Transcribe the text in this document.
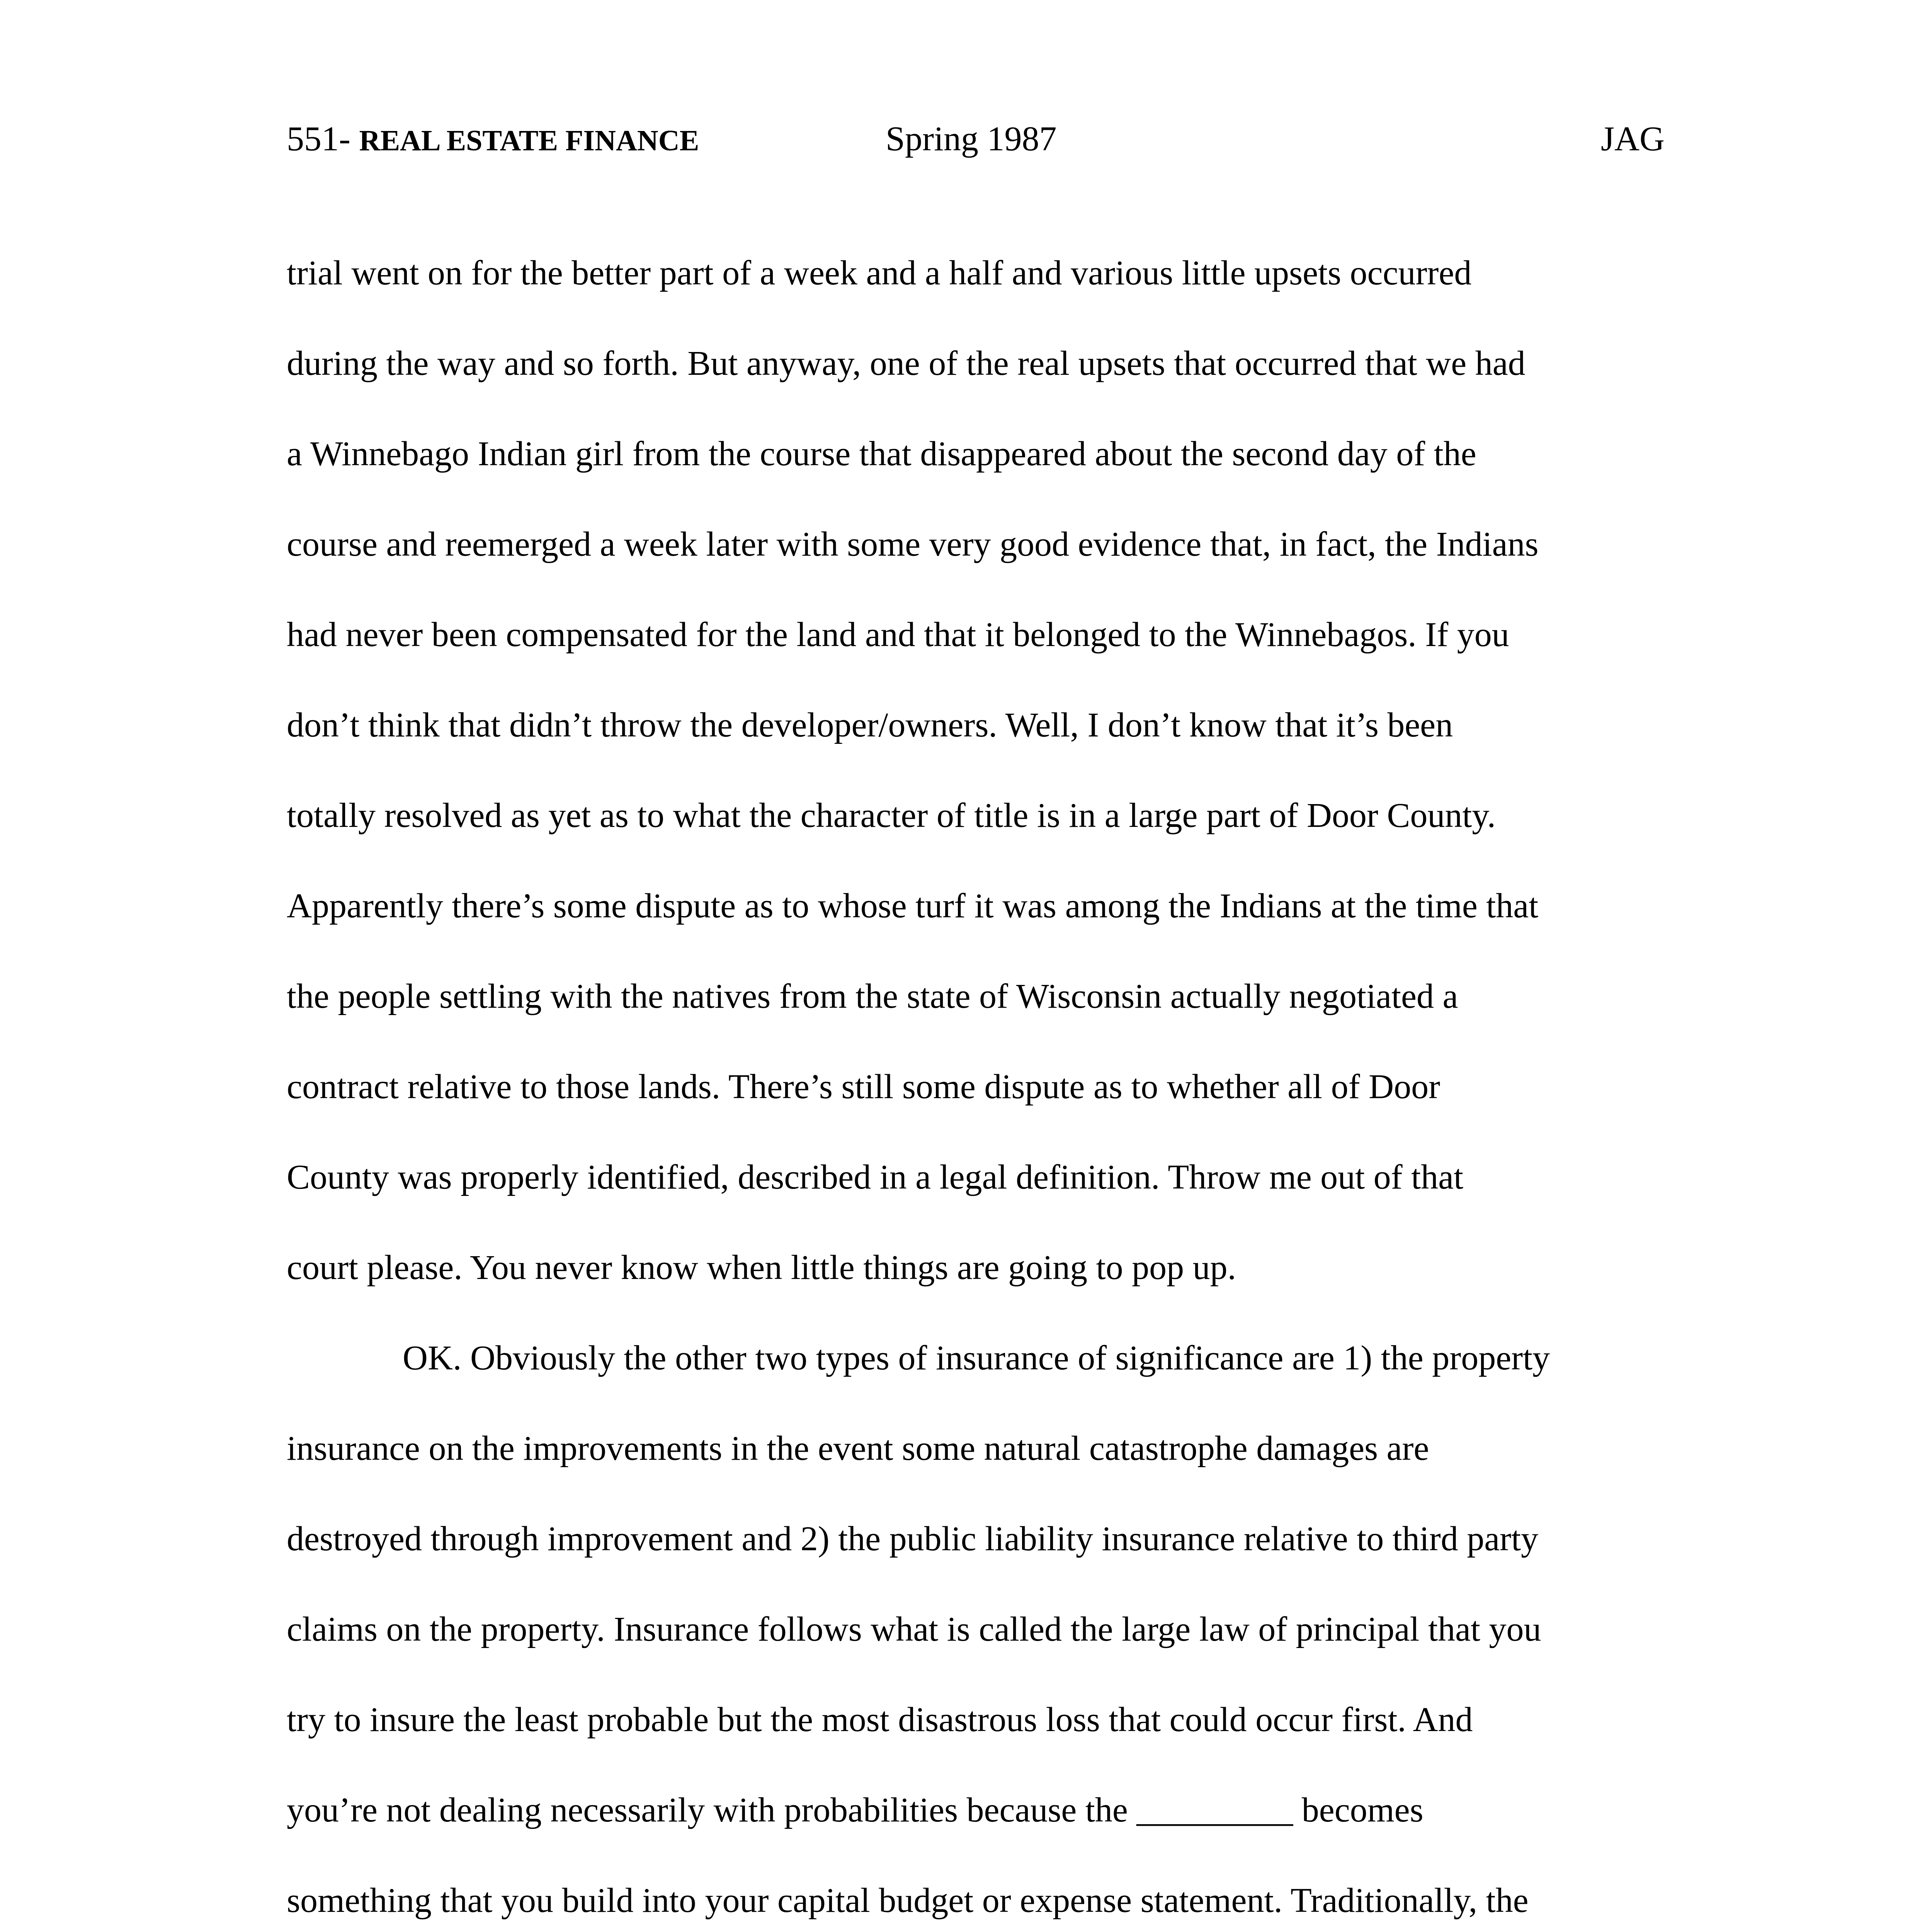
551- REAL ESTATE FINANCE	Spring 1987	JAG

trial went on for the better part of a week and a half and various little upsets occurred
during the way and so forth. But anyway, one of the real upsets that occurred that we had
a Winnebago Indian girl from the course that disappeared about the second day of the
course and reemerged a week later with some very good evidence that, in fact, the Indians
had never been compensated for the land and that it belonged to the Winnebagos. If you
don’t think that didn’t throw the developer/owners. Well, I don’t know that it’s been
totally resolved as yet as to what the character of title is in a large part of Door County.
Apparently there’s some dispute as to whose turf it was among the Indians at the time that
the people settling with the natives from the state of Wisconsin actually negotiated a
contract relative to those lands. There’s still some dispute as to whether all of Door
County was properly identified, described in a legal definition. Throw me out of that
court please. You never know when little things are going to pop up.

OK. Obviously the other two types of insurance of significance are 1) the property
insurance on the improvements in the event some natural catastrophe damages are
destroyed through improvement and 2) the public liability insurance relative to third party
claims on the property. Insurance follows what is called the large law of principal that you
try to insure the least probable but the most disastrous loss that could occur first. And
you’re not dealing necessarily with probabilities because the _________ becomes
something that you build into your capital budget or expense statement. Traditionally, the
